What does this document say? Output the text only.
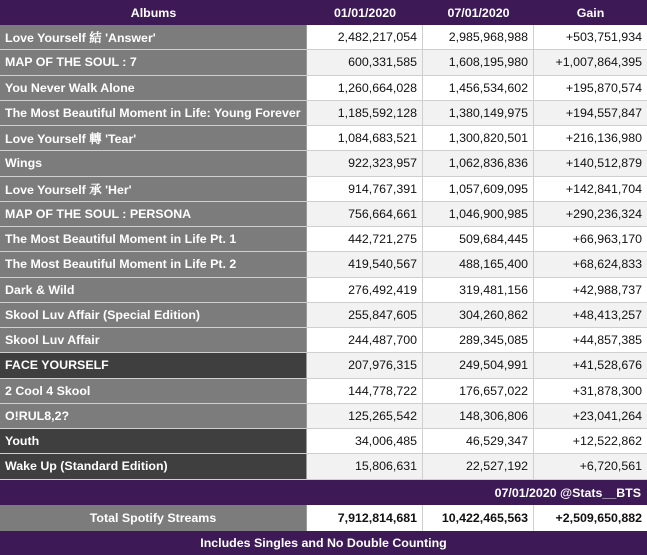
Albums	01/01/2020	07/01/2020	Gain
Love Yourself 結 'Answer'	2,482,217,054	2,985,968,988	+503,751,934
MAP OF THE SOUL : 7	600,331,585	1,608,195,980	+1,007,864,395
You Never Walk Alone	1,260,664,028	1,456,534,602	+195,870,574
The Most Beautiful Moment in Life: Young Forever	1,185,592,128	1,380,149,975	+194,557,847
Love Yourself 轉 'Tear'	1,084,683,521	1,300,820,501	+216,136,980
Wings	922,323,957	1,062,836,836	+140,512,879
Love Yourself 承 'Her'	914,767,391	1,057,609,095	+142,841,704
MAP OF THE SOUL : PERSONA	756,664,661	1,046,900,985	+290,236,324
The Most Beautiful Moment in Life Pt. 1	442,721,275	509,684,445	+66,963,170
The Most Beautiful Moment in Life Pt. 2	419,540,567	488,165,400	+68,624,833
Dark & Wild	276,492,419	319,481,156	+42,988,737
Skool Luv Affair (Special Edition)	255,847,605	304,260,862	+48,413,257
Skool Luv Affair	244,487,700	289,345,085	+44,857,385
FACE YOURSELF	207,976,315	249,504,991	+41,528,676
2 Cool 4 Skool	144,778,722	176,657,022	+31,878,300
O!RUL8,2?	125,265,542	148,306,806	+23,041,264
Youth	34,006,485	46,529,347	+12,522,862
Wake Up (Standard Edition)	15,806,631	22,527,192	+6,720,561
07/01/2020 @Stats__BTS
Total Spotify Streams	7,912,814,681	10,422,465,563	+2,509,650,882
Includes Singles and No Double Counting
